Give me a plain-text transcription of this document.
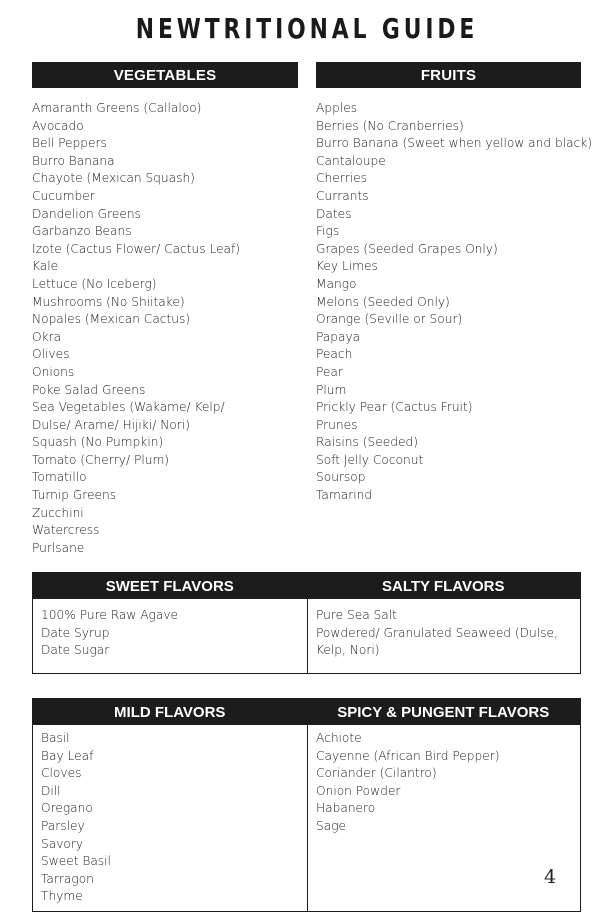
NEWTRITIONAL GUIDE
VEGETABLES
Amaranth Greens (Callaloo)
Avocado
Bell Peppers
Burro Banana
Chayote (Mexican Squash)
Cucumber
Dandelion Greens
Garbanzo Beans
Izote (Cactus Flower/ Cactus Leaf)
Kale
Lettuce (No Iceberg)
Mushrooms (No Shiitake)
Nopales (Mexican Cactus)
Okra
Olives
Onions
Poke Salad Greens
Sea Vegetables (Wakame/ Kelp/
Dulse/ Arame/ Hijiki/ Nori)
Squash (No Pumpkin)
Tomato (Cherry/ Plum)
Tomatillo
Turnip Greens
Zucchini
Watercress
Purlsane
FRUITS
Apples
Berries (No Cranberries)
Burro Banana (Sweet when yellow and black)
Cantaloupe
Cherries
Currants
Dates
Figs
Grapes (Seeded Grapes Only)
Key Limes
Mango
Melons (Seeded Only)
Orange (Seville or Sour)
Papaya
Peach
Pear
Plum
Prickly Pear (Cactus Fruit)
Prunes
Raisins (Seeded)
Soft Jelly Coconut
Soursop
Tamarind
SWEET FLAVORS	SALTY FLAVORS
100% Pure Raw Agave
Date Syrup
Date Sugar
Pure Sea Salt
Powdered/ Granulated Seaweed (Dulse,
Kelp, Nori)
MILD FLAVORS	SPICY & PUNGENT FLAVORS
Basil
Bay Leaf
Cloves
Dill
Oregano
Parsley
Savory
Sweet Basil
Tarragon
Thyme
Achiote
Cayenne (African Bird Pepper)
Coriander (Cilantro)
Onion Powder
Habanero
Sage
4
